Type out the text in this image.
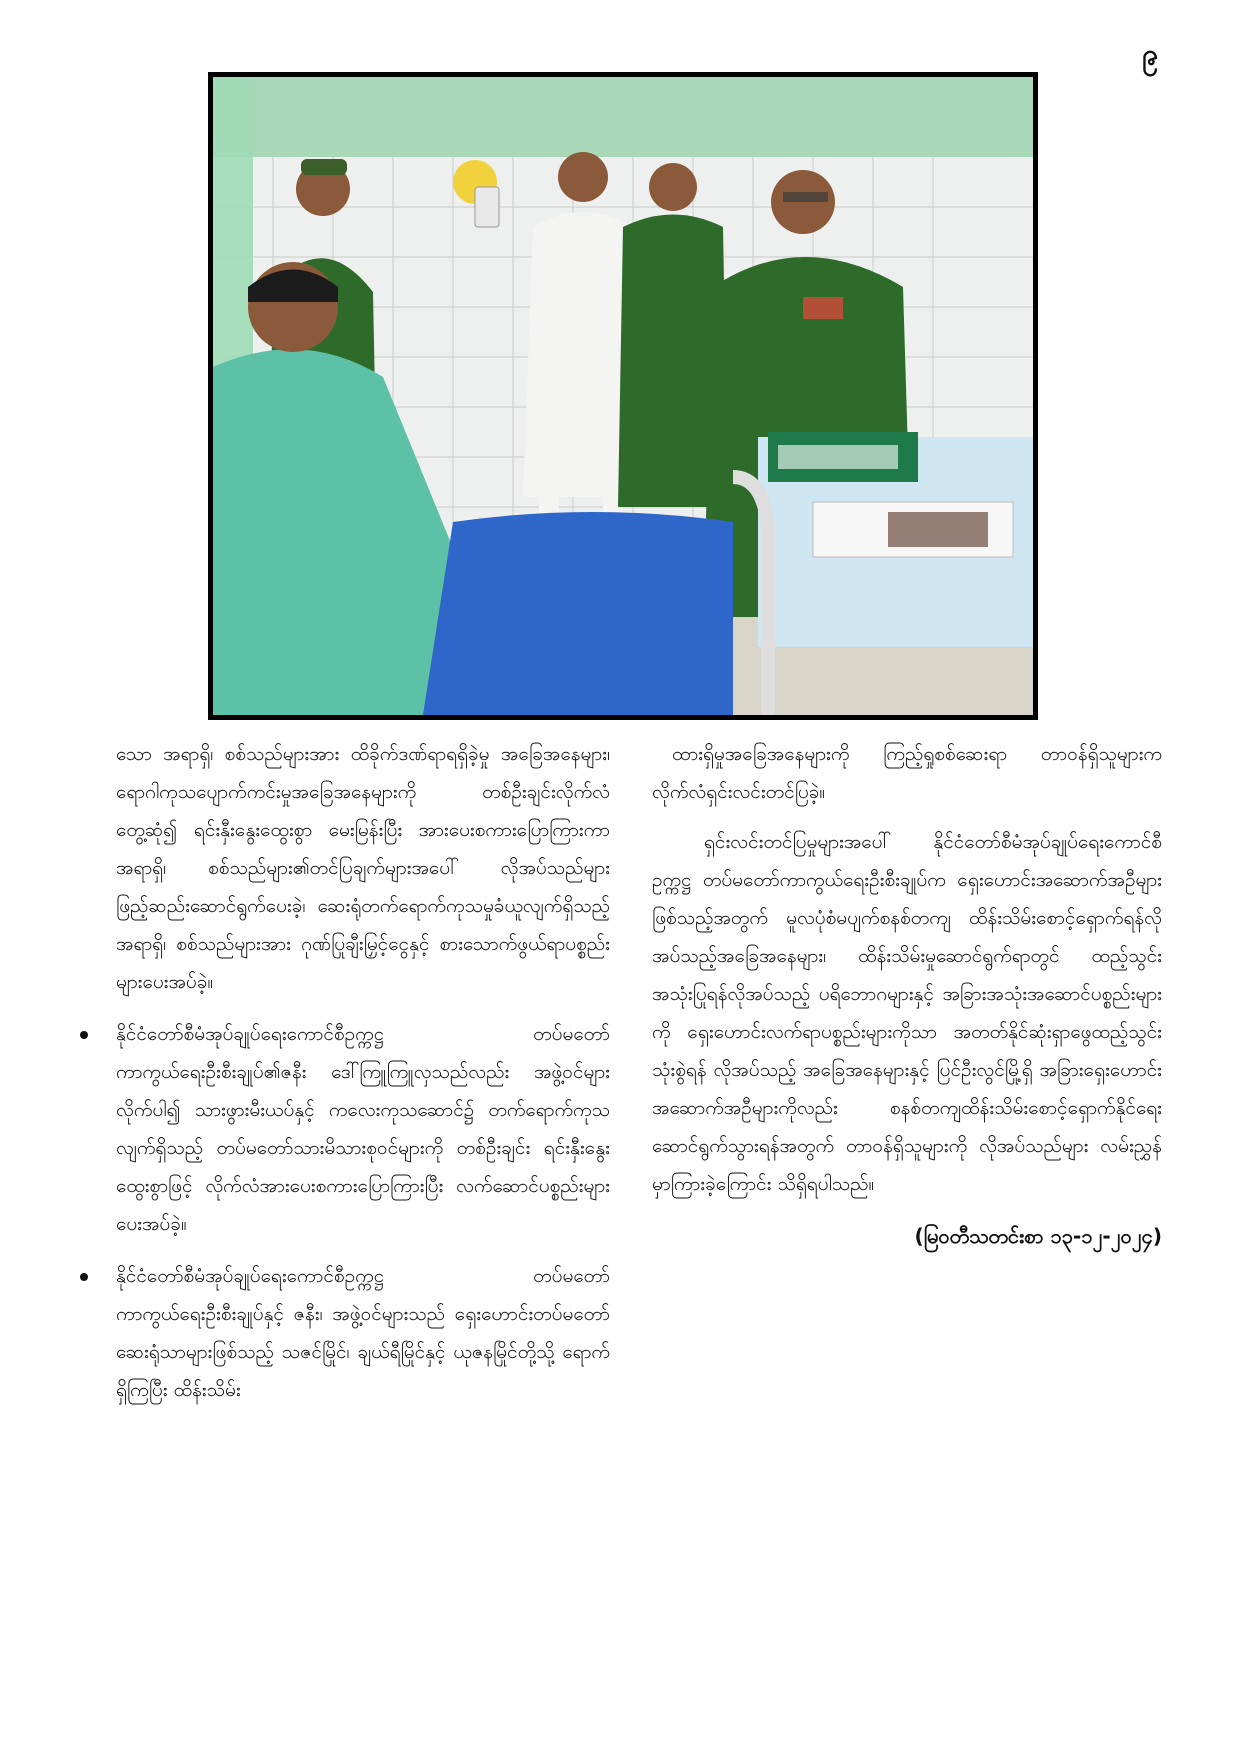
၉

သော အရာရှိ၊ စစ်သည်များအား ထိခိုက်ဒဏ်ရာရရှိခဲ့မှု အခြေအနေများ၊ ရောဂါကုသပျောက်ကင်းမှုအခြေအနေများကို တစ်ဦးချင်းလိုက်လံတွေ့ဆုံ၍ ရင်းနှီးနွေးထွေးစွာ မေးမြန်းပြီး အားပေးစကားပြောကြားကာ အရာရှိ၊ စစ်သည်များ၏တင်ပြချက်များအပေါ် လိုအပ်သည်များ ဖြည့်ဆည်းဆောင်ရွက်ပေးခဲ့၊ ဆေးရုံတက်ရောက်ကုသမှုခံယူလျက်ရှိသည့် အရာရှိ၊ စစ်သည်များအား ဂုဏ်ပြုချီးမြှင့်ငွေနှင့် စားသောက်ဖွယ်ရာပစ္စည်းများပေးအပ်ခဲ့။

နိုင်ငံတော်စီမံအုပ်ချုပ်ရေးကောင်စီဥက္ကဋ္ဌ တပ်မတော်ကာကွယ်ရေးဦးစီးချုပ်၏ဇနီး ဒေါ်ကြူကြူလှသည်လည်း အဖွဲ့ဝင်များလိုက်ပါ၍ သားဖွားမီးယပ်နှင့် ကလေးကုသဆောင်၌ တက်ရောက်ကုသလျက်ရှိသည့် တပ်မတော်သားမိသားစုဝင်များကို တစ်ဦးချင်း ရင်းနှီးနွေးထွေးစွာဖြင့် လိုက်လံအားပေးစကားပြောကြားပြီး လက်ဆောင်ပစ္စည်းများ ပေးအပ်ခဲ့။
နိုင်ငံတော်စီမံအုပ်ချုပ်ရေးကောင်စီဥက္ကဋ္ဌ တပ်မတော်ကာကွယ်ရေးဦးစီးချုပ်နှင့် ဇနီး၊ အဖွဲ့ဝင်များသည် ရှေးဟောင်းတပ်မတော်ဆေးရုံသာများဖြစ်သည့် သဇင်မြိုင်၊ ချယ်ရီမြိုင်နှင့် ယုဇနမြိုင်တို့သို့ ရောက်ရှိကြပြီး ထိန်းသိမ်း

ထားရှိမှုအခြေအနေများကို ကြည့်ရှုစစ်ဆေးရာ တာဝန်ရှိသူများက လိုက်လံရှင်းလင်းတင်ပြခဲ့။

ရှင်းလင်းတင်ပြမှုများအပေါ် နိုင်ငံတော်စီမံအုပ်ချုပ်ရေးကောင်စီဥက္ကဋ္ဌ တပ်မတော်ကာကွယ်ရေးဦးစီးချုပ်က ရှေးဟောင်းအဆောက်အဦများဖြစ်သည့်အတွက် မူလပုံစံမပျက်စနစ်တကျ ထိန်းသိမ်းစောင့်ရှောက်ရန်လိုအပ်သည့်အခြေအနေများ၊ ထိန်းသိမ်းမှုဆောင်ရွက်ရာတွင် ထည့်သွင်းအသုံးပြုရန်လိုအပ်သည့် ပရိဘောဂများနှင့် အခြားအသုံးအဆောင်ပစ္စည်းများကို ရှေးဟောင်းလက်ရာပစ္စည်းများကိုသာ အတတ်နိုင်ဆုံးရှာဖွေထည့်သွင်းသုံးစွဲရန် လိုအပ်သည့် အခြေအနေများနှင့် ပြင်ဦးလွင်မြို့ရှိ အခြားရှေးဟောင်းအဆောက်အဦများကိုလည်း စနစ်တကျထိန်းသိမ်းစောင့်ရှောက်နိုင်ရေး ဆောင်ရွက်သွားရန်အတွက် တာဝန်ရှိသူများကို လိုအပ်သည်များ လမ်းညွှန်မှာကြားခဲ့ကြောင်း သိရှိရပါသည်။

(မြဝတီသတင်းစာ ၁၃-၁၂-၂၀၂၄)
